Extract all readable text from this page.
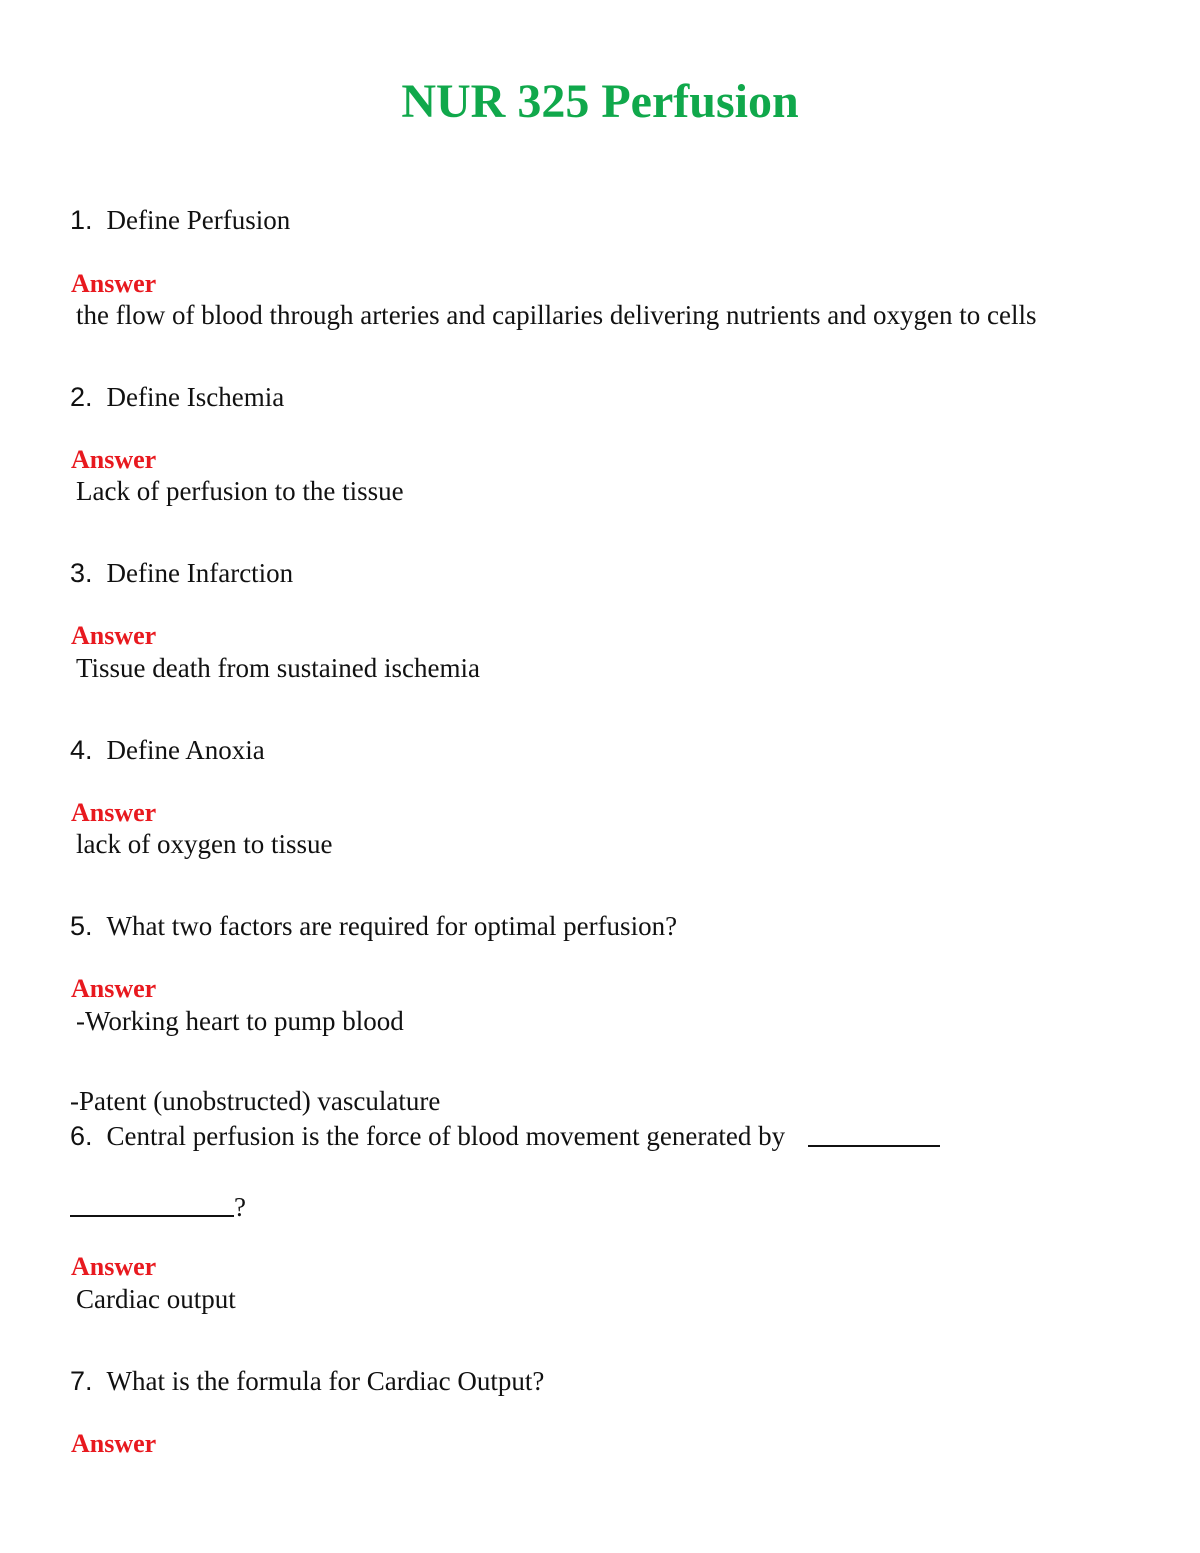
NUR 325 Perfusion
1. Define Perfusion
Answer
the flow of blood through arteries and capillaries delivering nutrients and oxygen to cells
2. Define Ischemia
Answer
Lack of perfusion to the tissue
3. Define Infarction
Answer
Tissue death from sustained ischemia
4. Define Anoxia
Answer
lack of oxygen to tissue
5. What two factors are required for optimal perfusion?
Answer
-Working heart to pump blood
-Patent (unobstructed) vasculature
6. Central perfusion is the force of blood movement generated by
?
Answer
Cardiac output
7. What is the formula for Cardiac Output?
Answer
